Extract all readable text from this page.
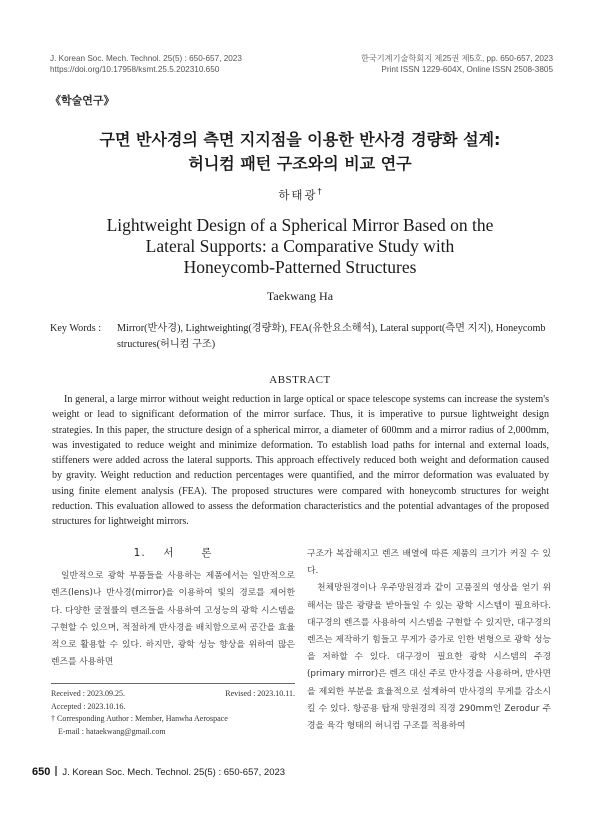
J. Korean Soc. Mech. Technol. 25(5) : 650-657, 2023
https://doi.org/10.17958/ksmt.25.5.202310.650
한국기계기술학회지 제25권 제5호, pp. 650-657, 2023
Print ISSN 1229-604X, Online ISSN 2508-3805
《학술연구》
구면 반사경의 측면 지지점을 이용한 반사경 경량화 설계:
허니컴 패턴 구조와의 비교 연구
하태광†
Lightweight Design of a Spherical Mirror Based on the
Lateral Supports: a Comparative Study with
Honeycomb-Patterned Structures
Taekwang Ha
Key Words :	Mirror(반사경), Lightweighting(경량화), FEA(유한요소해석), Lateral support(측면 지지), Honeycomb structures(허니컴 구조)
ABSTRACT
In general, a large mirror without weight reduction in large optical or space telescope systems can increase the system's weight or lead to significant deformation of the mirror surface. Thus, it is imperative to pursue lightweight design strategies. In this paper, the structure design of a spherical mirror, a diameter of 600mm and a mirror radius of 2,000mm, was investigated to reduce weight and minimize deformation. To establish load paths for internal and external loads, stiffeners were added across the lateral supports. This approach effectively reduced both weight and deformation caused by gravity. Weight reduction and reduction percentages were quantified, and the mirror deformation was evaluated by using finite element analysis (FEA). The proposed structures were compared with honeycomb structures for weight reduction. This evaluation allowed to assess the deformation characteristics and the potential advantages of the proposed structures for lightweight mirrors.
1. 서	론

일반적으로 광학 부품들을 사용하는 제품에서는 일반적으로 렌즈(lens)나 반사경(mirror)을 이용하여 빛의 경로를 제어한다. 다양한 굴절률의 렌즈들을 사용하여 고성능의 광학 시스템을 구현할 수 있으며, 적절하게 반사경을 배치함으로써 공간을 효율적으로 활용할 수 있다. 하지만, 광학 성능 향상을 위하여 많은 렌즈를 사용하면

구조가 복잡해지고 렌즈 배열에 따른 제품의 크기가 커질 수 있다.

천체망원경이나 우주망원경과 같이 고품질의 영상을 얻기 위해서는 많은 광량을 받아들일 수 있는 광학 시스템이 필요하다. 대구경의 렌즈를 사용하여 시스템을 구현할 수 있지만, 대구경의 렌즈는 제작하기 힘들고 무게가 증가로 인한 변형으로 광학 성능을 저하할 수 있다. 대구경이 필요한 광학 시스템의 주경(primary mirror)은 렌즈 대신 주로 반사경을 사용하며, 반사면을 제외한 부분을 효율적으로 설계하여 반사경의 무게를 감소시킬 수 있다. 항공용 탑재 망원경의 직경 290mm인 Zerodur 주경을 육각 형태의 허니컴 구조를 적용하여

Received : 2023.09.25.	Revised : 2023.10.11.
Accepted : 2023.10.16.
† Corresponding Author : Member, Hanwha Aerospace
E-mail : hataekwang@gmail.com
650 J. Korean Soc. Mech. Technol. 25(5) : 650-657, 2023
